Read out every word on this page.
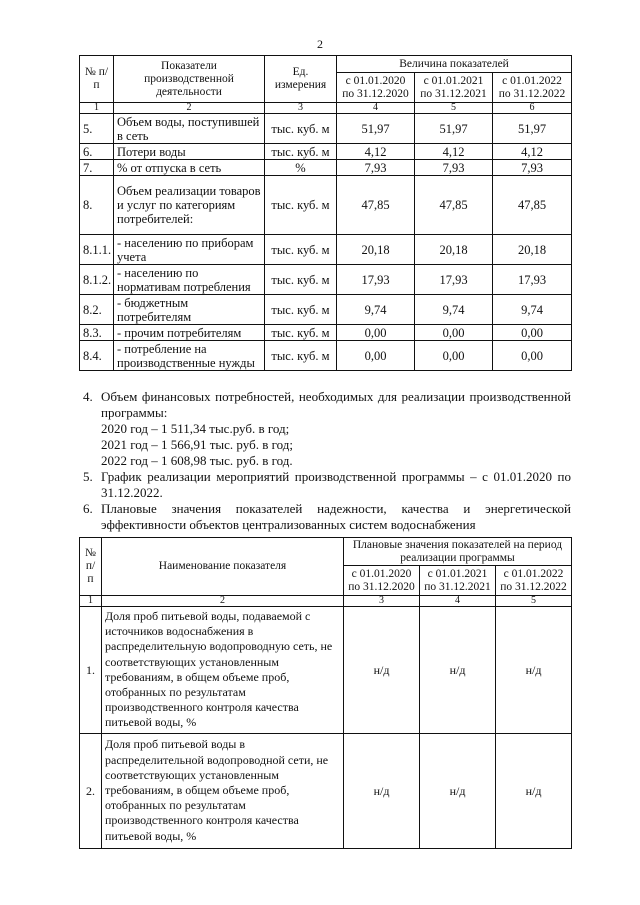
2
№ п/п	Показатели производственной деятельности	Ед. измерения	Величина показателей		
			с 01.01.2020 по 31.12.2020	с 01.01.2021 по 31.12.2021	с 01.01.2022 по 31.12.2022
1	2	3	4	5	6
5.	Объем воды, поступившей в сеть	тыс. куб. м	51,97	51,97	51,97
6.	Потери воды	тыс. куб. м	4,12	4,12	4,12
7.	% от отпуска в сеть	%	7,93	7,93	7,93
8.	Объем реализации товаров и услуг по категориям потребителей:	тыс. куб. м	47,85	47,85	47,85
8.1.1.	- населению по приборам учета	тыс. куб. м	20,18	20,18	20,18
8.1.2.	- населению по нормативам потребления	тыс. куб. м	17,93	17,93	17,93
8.2.	- бюджетным потребителям	тыс. куб. м	9,74	9,74	9,74
8.3.	- прочим потребителям	тыс. куб. м	0,00	0,00	0,00
8.4.	- потребление на производственные нужды	тыс. куб. м	0,00	0,00	0,00
4. Объем финансовых потребностей, необходимых для реализации производственной программы:
2020 год – 1 511,34 тыс.руб. в год;
2021 год – 1 566,91 тыс. руб. в год;
2022 год – 1 608,98 тыс. руб. в год.
5. График реализации мероприятий производственной программы – с 01.01.2020 по 31.12.2022.
6. Плановые значения показателей надежности, качества и энергетической эффективности объектов централизованных систем водоснабжения
№ п/п	Наименование показателя	Плановые значения показателей на период реализации программы		
		с 01.01.2020 по 31.12.2020	с 01.01.2021 по 31.12.2021	с 01.01.2022 по 31.12.2022
1	2	3	4	5
1.	Доля проб питьевой воды, подаваемой с источников водоснабжения в распределительную водопроводную сеть, не соответствующих установленным требованиям, в общем объеме проб, отобранных по результатам производственного контроля качества питьевой воды, %	н/д	н/д	н/д
2.	Доля проб питьевой воды в распределительной водопроводной сети, не соответствующих установленным требованиям, в общем объеме проб, отобранных по результатам производственного контроля качества питьевой воды, %	н/д	н/д	н/д
